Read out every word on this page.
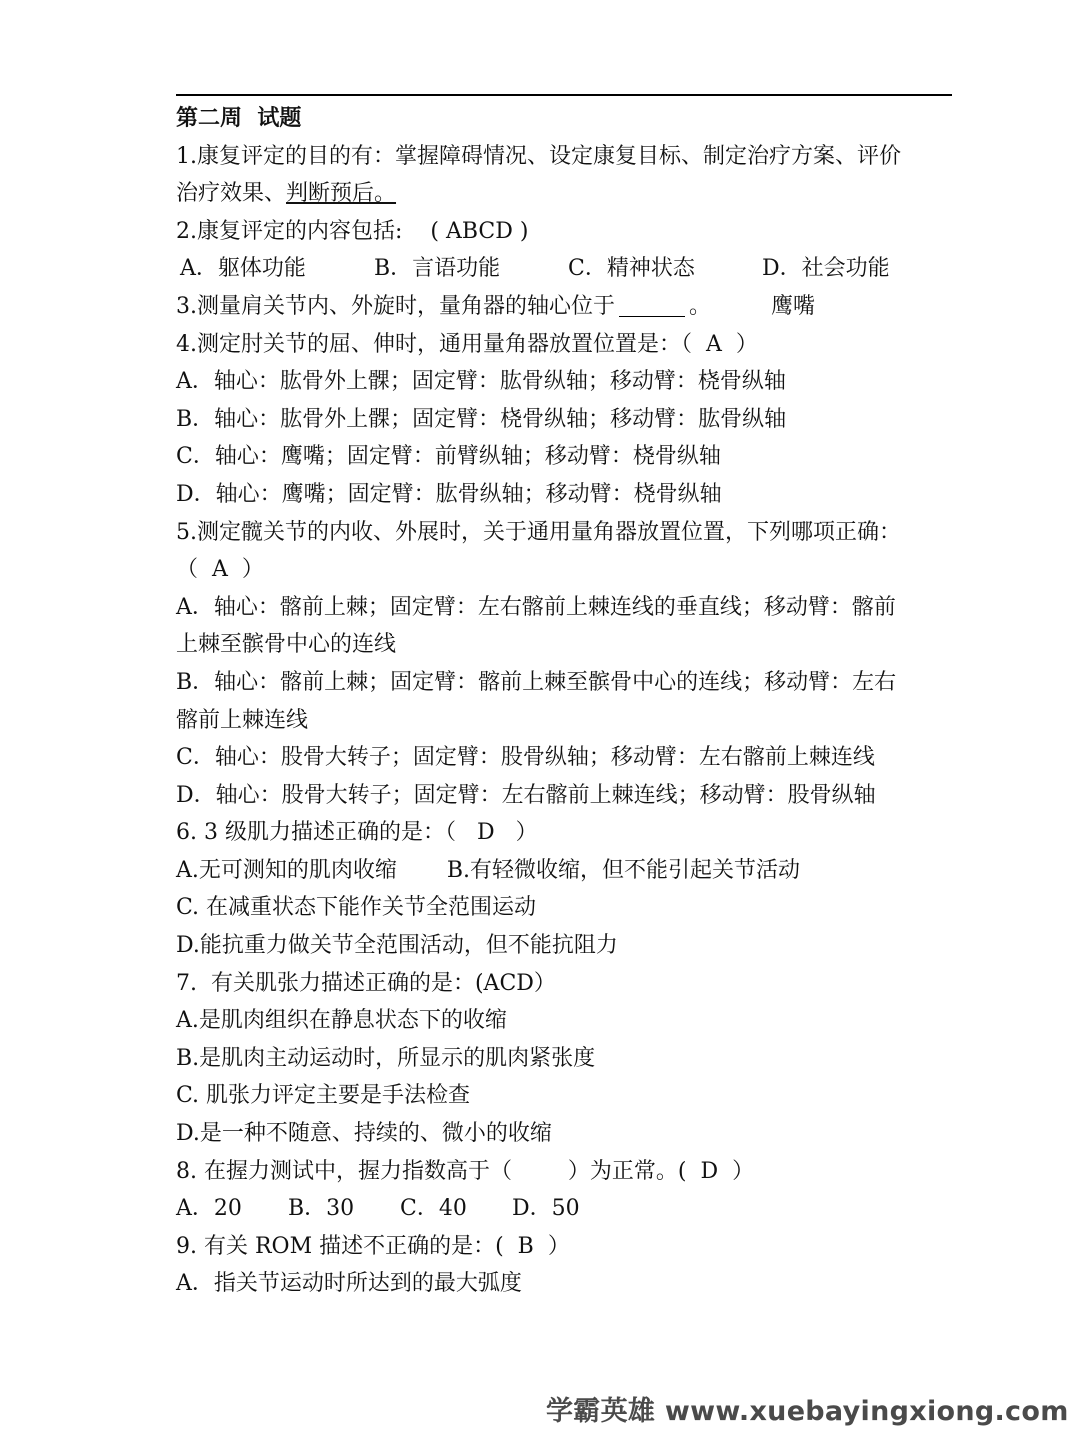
第二周  试题
1.康复评定的目的有：掌握障碍情况、设定康复目标、制定治疗方案、评价
治疗效果、判断预后。
2.康复评定的内容包括:    ( ABCD )
A．躯体功能	B．言语功能	C．精神状态	D．社会功能
3.测量肩关节内、外旋时，量角器的轴心位于	。	鹰嘴
4.测定肘关节的屈、伸时，通用量角器放置位置是：（  A  ）
A．轴心：肱骨外上髁；固定臂：肱骨纵轴；移动臂：桡骨纵轴
B．轴心：肱骨外上髁；固定臂：桡骨纵轴；移动臂：肱骨纵轴
C．轴心：鹰嘴；固定臂：前臂纵轴；移动臂：桡骨纵轴
D．轴心：鹰嘴；固定臂：肱骨纵轴；移动臂：桡骨纵轴
5.测定髋关节的内收、外展时，关于通用量角器放置位置，下列哪项正确：
（  A  ）
A．轴心：髂前上棘；固定臂：左右髂前上棘连线的垂直线；移动臂：髂前
上棘至髌骨中心的连线
B．轴心：髂前上棘；固定臂：髂前上棘至髌骨中心的连线；移动臂：左右
髂前上棘连线
C．轴心：股骨大转子；固定臂：股骨纵轴；移动臂：左右髂前上棘连线
D．轴心：股骨大转子；固定臂：左右髂前上棘连线；移动臂：股骨纵轴
6. 3 级肌力描述正确的是：（   D   ）
A.无可测知的肌肉收缩 B.有轻微收缩，但不能引起关节活动
C. 在减重状态下能作关节全范围运动
D.能抗重力做关节全范围活动，但不能抗阻力
7.  有关肌张力描述正确的是：(ACD）
A.是肌肉组织在静息状态下的收缩
B.是肌肉主动运动时，所显示的肌肉紧张度
C. 肌张力评定主要是手法检查
D.是一种不随意、持续的、微小的收缩
8. 在握力测试中，握力指数高于（        ）为正常。(  D  ）
A．20	B．30	C．40	D．50
9. 有关 ROM 描述不正确的是：(  B  ）
A．指关节运动时所达到的最大弧度
学霸英雄 www.xuebayingxiong.com
